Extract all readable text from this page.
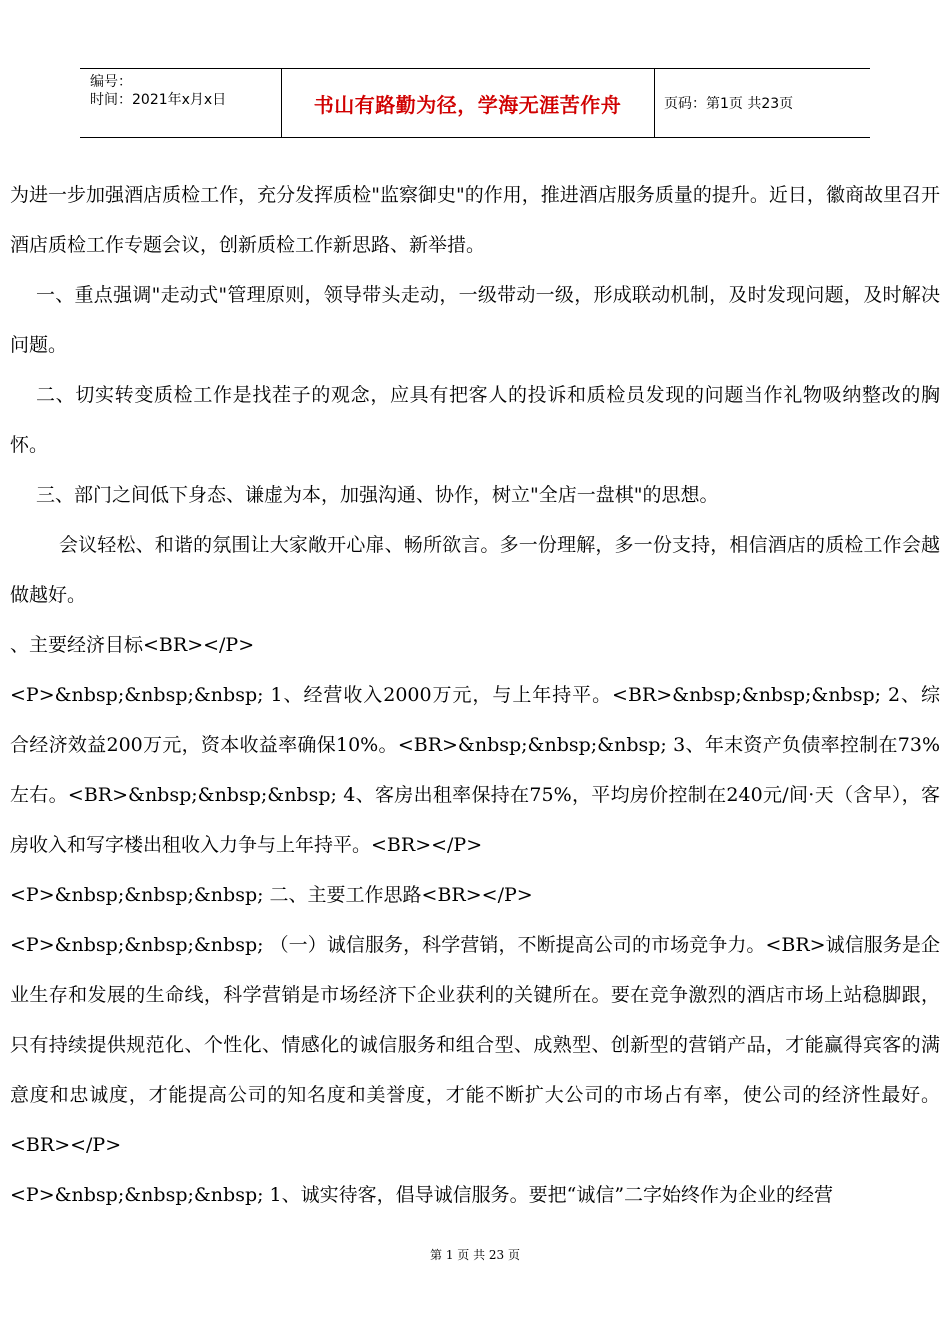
编号：
时间：2021年x月x日	书山有路勤为径，学海无涯苦作舟	页码：第1页 共23页

为进一步加强酒店质检工作，充分发挥质检"监察御史"的作用，推进酒店服务质量的提升。近日，徽商故里召开酒店质检工作专题会议，创新质检工作新思路、新举措。

一、重点强调"走动式"管理原则，领导带头走动，一级带动一级，形成联动机制，及时发现问题，及时解决问题。

二、切实转变质检工作是找茬子的观念，应具有把客人的投诉和质检员发现的问题当作礼物吸纳整改的胸怀。

三、部门之间低下身态、谦虚为本，加强沟通、协作，树立"全店一盘棋"的思想。

会议轻松、和谐的氛围让大家敞开心扉、畅所欲言。多一份理解，多一份支持，相信酒店的质检工作会越做越好。

、主要经济目标<BR></P>

<P>&nbsp;&nbsp;&nbsp; 1、经营收入2000万元，与上年持平。<BR>&nbsp;&nbsp;&nbsp; 2、综合经济效益200万元，资本收益率确保10%。<BR>&nbsp;&nbsp;&nbsp; 3、年末资产负债率控制在73%左右。<BR>&nbsp;&nbsp;&nbsp; 4、客房出租率保持在75%，平均房价控制在240元/间·天（含早），客房收入和写字楼出租收入力争与上年持平。<BR></P>

<P>&nbsp;&nbsp;&nbsp; 二、主要工作思路<BR></P>

<P>&nbsp;&nbsp;&nbsp; （一）诚信服务，科学营销，不断提高公司的市场竞争力。<BR>诚信服务是企业生存和发展的生命线，科学营销是市场经济下企业获利的关键所在。要在竞争激烈的酒店市场上站稳脚跟，只有持续提供规范化、个性化、情感化的诚信服务和组合型、成熟型、创新型的营销产品，才能赢得宾客的满意度和忠诚度，才能提高公司的知名度和美誉度，才能不断扩大公司的市场占有率，使公司的经济性最好。<BR></P>

<P>&nbsp;&nbsp;&nbsp; 1、诚实待客，倡导诚信服务。要把“诚信”二字始终作为企业的经营

第 1 页 共 23 页
